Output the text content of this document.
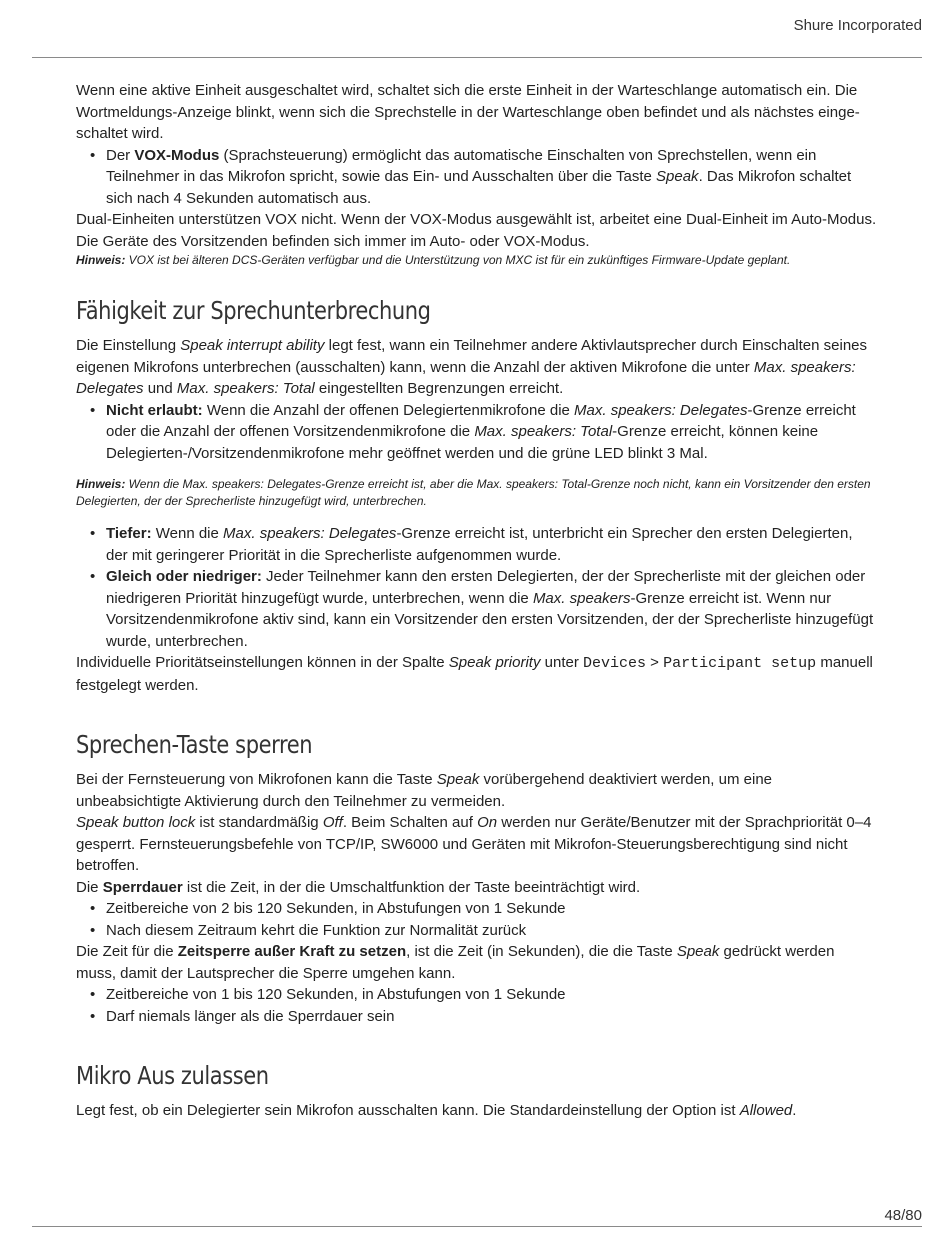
Shure Incorporated

Wenn eine aktive Einheit ausgeschaltet wird, schaltet sich die erste Einheit in der Warteschlange automatisch ein. Die Wortmeldungs-Anzeige blinkt, wenn sich die Sprechstelle in der Warteschlange oben befindet und als nächstes eingeschaltet wird.

• Der VOX-Modus (Sprachsteuerung) ermöglicht das automatische Einschalten von Sprechstellen, wenn ein Teilnehmer in das Mikrofon spricht, sowie das Ein- und Ausschalten über die Taste Speak. Das Mikrofon schaltet sich nach 4 Sekunden automatisch aus.

Dual-Einheiten unterstützen VOX nicht. Wenn der VOX-Modus ausgewählt ist, arbeitet eine Dual-Einheit im Auto-Modus. Die Geräte des Vorsitzenden befinden sich immer im Auto- oder VOX-Modus.

Hinweis: VOX ist bei älteren DCS-Geräten verfügbar und die Unterstützung von MXC ist für ein zukünftiges Firmware-Update geplant.

Fähigkeit zur Sprechunterbrechung

Die Einstellung Speak interrupt ability legt fest, wann ein Teilnehmer andere Aktivlautsprecher durch Einschalten seines eigenen Mikrofons unterbrechen (ausschalten) kann, wenn die Anzahl der aktiven Mikrofone die unter Max. speakers: Delegates und Max. speakers: Total eingestellten Begrenzungen erreicht.

• Nicht erlaubt: Wenn die Anzahl der offenen Delegiertenmikrofone die Max. speakers: Delegates-Grenze erreicht oder die Anzahl der offenen Vorsitzendenmikrofone die Max. speakers: Total-Grenze erreicht, können keine Delegierten-/Vorsitzendenmikrofone mehr geöffnet werden und die grüne LED blinkt 3 Mal.

Hinweis: Wenn die Max. speakers: Delegates-Grenze erreicht ist, aber die Max. speakers: Total-Grenze noch nicht, kann ein Vorsitzender den ersten Delegierten, der der Sprecherliste hinzugefügt wird, unterbrechen.

• Tiefer: Wenn die Max. speakers: Delegates-Grenze erreicht ist, unterbricht ein Sprecher den ersten Delegierten, der mit geringerer Priorität in die Sprecherliste aufgenommen wurde.
• Gleich oder niedriger: Jeder Teilnehmer kann den ersten Delegierten, der der Sprecherliste mit der gleichen oder niedrigeren Priorität hinzugefügt wurde, unterbrechen, wenn die Max. speakers-Grenze erreicht ist. Wenn nur Vorsitzendenmikrofone aktiv sind, kann ein Vorsitzender den ersten Vorsitzenden, der der Sprecherliste hinzugefügt wurde, unterbrechen.

Individuelle Prioritätseinstellungen können in der Spalte Speak priority unter Devices > Participant setup manuell festgelegt werden.

Sprechen-Taste sperren

Bei der Fernsteuerung von Mikrofonen kann die Taste Speak vorübergehend deaktiviert werden, um eine unbeabsichtigte Aktivierung durch den Teilnehmer zu vermeiden.

Speak button lock ist standardmäßig Off. Beim Schalten auf On werden nur Geräte/Benutzer mit der Sprachpriorität 0–4 gesperrt. Fernsteuerungsbefehle von TCP/IP, SW6000 und Geräten mit Mikrofon-Steuerungsberechtigung sind nicht betroffen.

Die Sperrdauer ist die Zeit, in der die Umschaltfunktion der Taste beeinträchtigt wird.

• Zeitbereiche von 2 bis 120 Sekunden, in Abstufungen von 1 Sekunde
• Nach diesem Zeitraum kehrt die Funktion zur Normalität zurück

Die Zeit für die Zeitsperre außer Kraft zu setzen, ist die Zeit (in Sekunden), die die Taste Speak gedrückt werden muss, damit der Lautsprecher die Sperre umgehen kann.

• Zeitbereiche von 1 bis 120 Sekunden, in Abstufungen von 1 Sekunde
• Darf niemals länger als die Sperrdauer sein
Mikro Aus zulassen

Legt fest, ob ein Delegierter sein Mikrofon ausschalten kann. Die Standardeinstellung der Option ist Allowed.

48/80
